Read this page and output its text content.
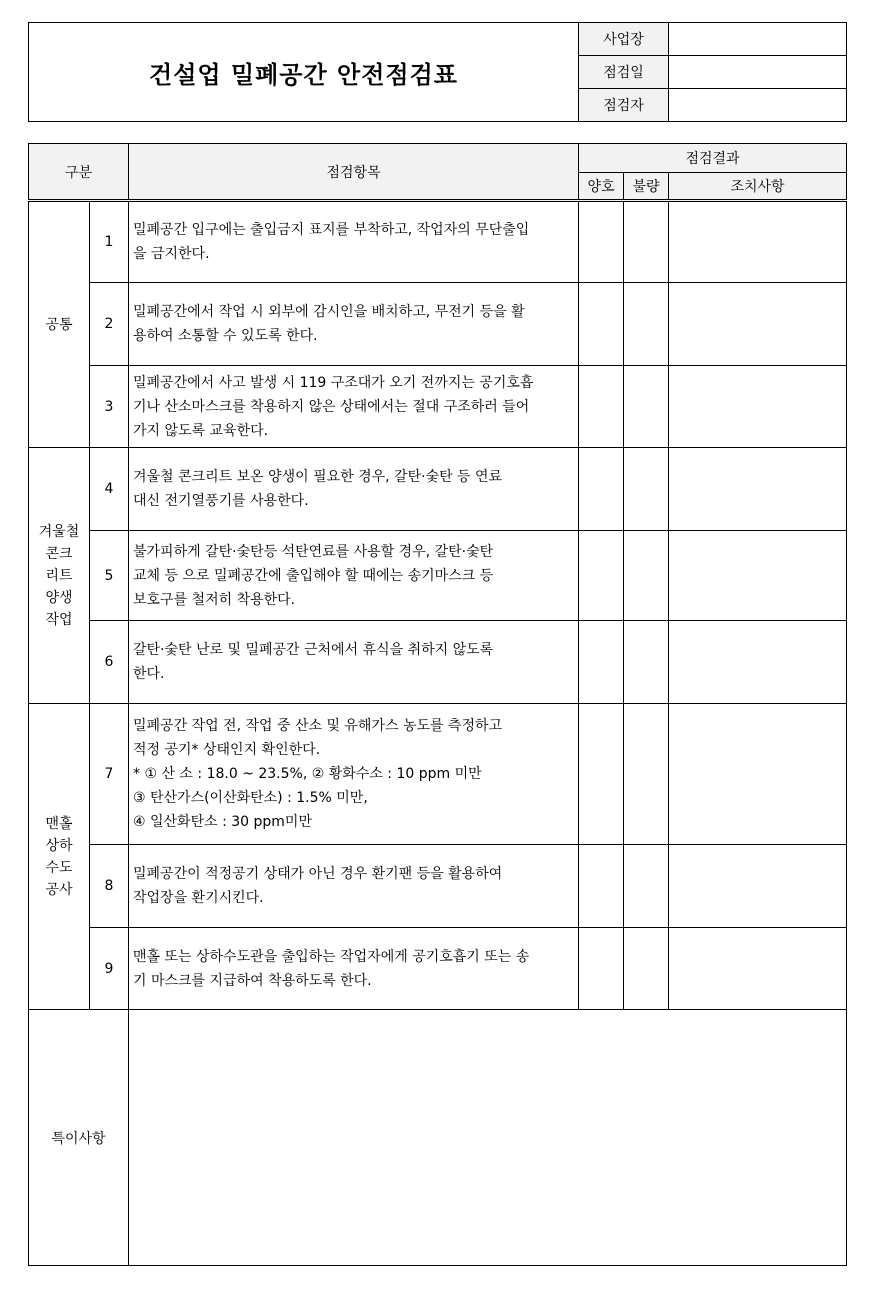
건설업 밀폐공간 안전점검표	사업장	
	점검일	
	점검자	
구분		점검항목	점검결과		
			양호	불량	조치사항
공통	1	밀폐공간 입구에는 출입금지 표지를 부착하고, 작업자의 무단출입
을 금지한다.			
	2	밀폐공간에서 작업 시 외부에 감시인을 배치하고, 무전기 등을 활
용하여 소통할 수 있도록 한다.			
	3	밀폐공간에서 사고 발생 시 119 구조대가 오기 전까지는 공기호흡
기나 산소마스크를 착용하지 않은 상태에서는 절대 구조하러 들어
가지 않도록 교육한다.			
겨울철
콘크
리트
양생
작업	4	겨울철 콘크리트 보온 양생이 필요한 경우, 갈탄·숯탄 등 연료
대신 전기열풍기를 사용한다.			
	5	불가피하게 갈탄·숯탄등 석탄연료를 사용할 경우, 갈탄·숯탄
교체 등 으로 밀폐공간에 출입해야 할 때에는 송기마스크 등
보호구를 철저히 착용한다.			
	6	갈탄·숯탄 난로 및 밀폐공간 근처에서 휴식을 취하지 않도록
한다.			
맨홀
상하
수도
공사	7	밀폐공간 작업 전, 작업 중 산소 및 유해가스 농도를 측정하고
적정 공기* 상태인지 확인한다.
* ① 산 소 : 18.0 ~ 23.5%, ② 황화수소 : 10 ppm 미만
③ 탄산가스(이산화탄소) : 1.5% 미만,
④ 일산화탄소 : 30 ppm미만			
	8	밀폐공간이 적정공기 상태가 아닌 경우 환기팬 등을 활용하여
작업장을 환기시킨다.			
	9	맨홀 또는 상하수도관을 출입하는 작업자에게 공기호흡기 또는 송
기 마스크를 지급하여 착용하도록 한다.			
특이사항					
